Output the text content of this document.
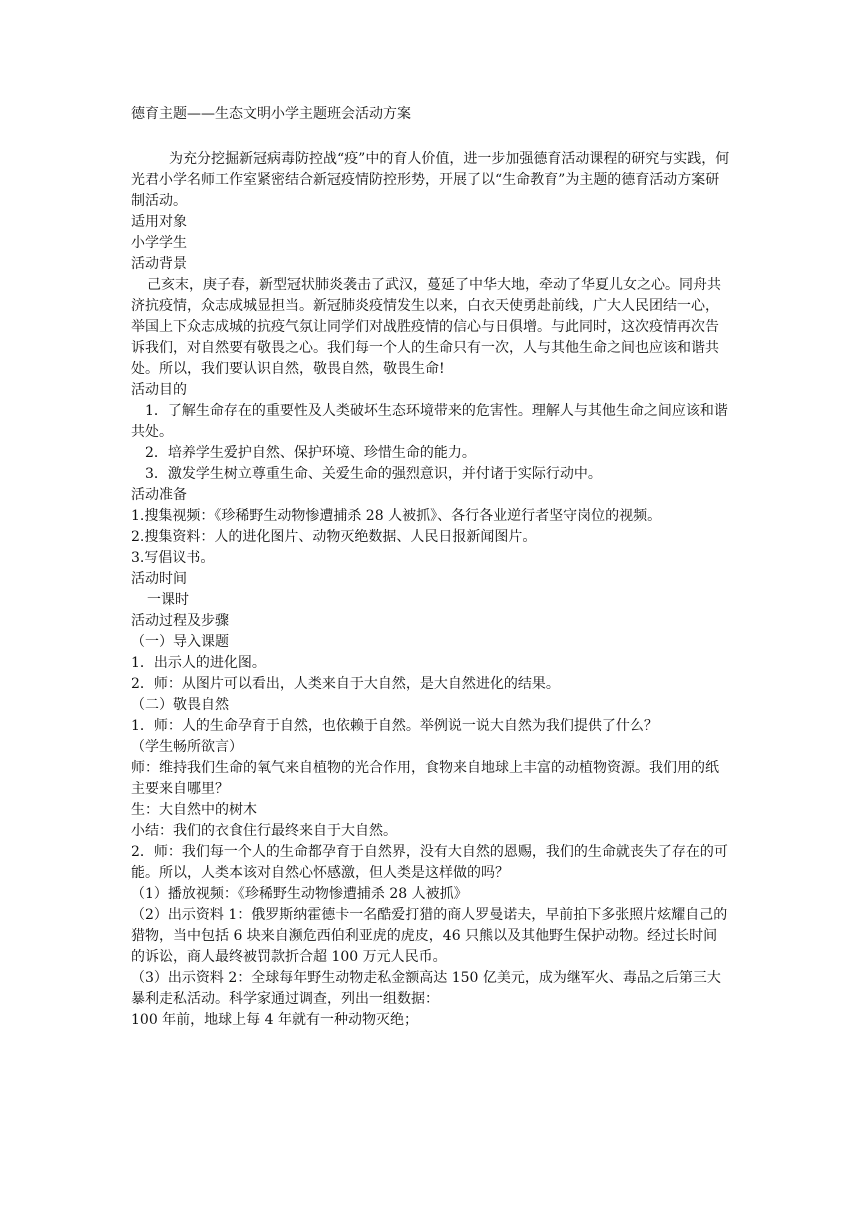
德育主题——生态文明小学主题班会活动方案

为充分挖掘新冠病毒防控战“疫”中的育人价值，进一步加强德育活动课程的研究与实践，何光君小学名师工作室紧密结合新冠疫情防控形势，开展了以“生命教育”为主题的德育活动方案研制活动。

适用对象

小学学生

活动背景

己亥末，庚子春，新型冠状肺炎袭击了武汉，蔓延了中华大地，牵动了华夏儿女之心。同舟共济抗疫情，众志成城显担当。新冠肺炎疫情发生以来，白衣天使勇赴前线，广大人民团结一心，举国上下众志成城的抗疫气氛让同学们对战胜疫情的信心与日俱增。与此同时，这次疫情再次告诉我们，对自然要有敬畏之心。我们每一个人的生命只有一次，人与其他生命之间也应该和谐共处。所以，我们要认识自然，敬畏自然，敬畏生命!

活动目的

1．了解生命存在的重要性及人类破坏生态环境带来的危害性。理解人与其他生命之间应该和谐共处。

2．培养学生爱护自然、保护环境、珍惜生命的能力。

3．激发学生树立尊重生命、关爱生命的强烈意识，并付诸于实际行动中。

活动准备

1.搜集视频：《珍稀野生动物惨遭捕杀 28 人被抓》、各行各业逆行者坚守岗位的视频。

2.搜集资料：人的进化图片、动物灭绝数据、人民日报新闻图片。

3.写倡议书。

活动时间

一课时

活动过程及步骤

（一）导入课题

1．出示人的进化图。

2．师：从图片可以看出，人类来自于大自然，是大自然进化的结果。

（二）敬畏自然

1．师：人的生命孕育于自然，也依赖于自然。举例说一说大自然为我们提供了什么？

（学生畅所欲言）

师：维持我们生命的氧气来自植物的光合作用，食物来自地球上丰富的动植物资源。我们用的纸主要来自哪里？

生：大自然中的树木

小结：我们的衣食住行最终来自于大自然。

2．师：我们每一个人的生命都孕育于自然界，没有大自然的恩赐，我们的生命就丧失了存在的可能。所以，人类本该对自然心怀感激，但人类是这样做的吗？

（1）播放视频：《珍稀野生动物惨遭捕杀 28 人被抓》

（2）出示资料 1：俄罗斯纳霍德卡一名酷爱打猎的商人罗曼诺夫，早前拍下多张照片炫耀自己的猎物，当中包括 6 块来自濒危西伯利亚虎的虎皮，46 只熊以及其他野生保护动物。经过长时间的诉讼，商人最终被罚款折合超 100 万元人民币。

（3）出示资料 2：全球每年野生动物走私金额高达 150 亿美元，成为继军火、毒品之后第三大暴利走私活动。科学家通过调查，列出一组数据：

100 年前，地球上每 4 年就有一种动物灭绝；
